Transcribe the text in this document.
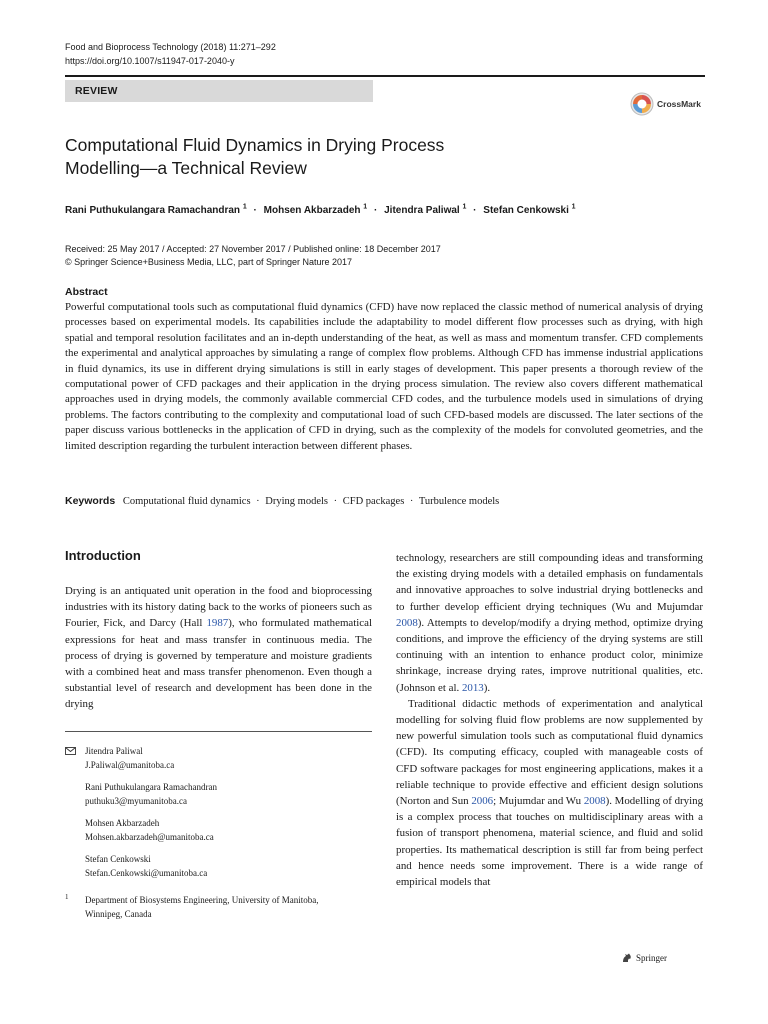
Food and Bioprocess Technology (2018) 11:271–292
https://doi.org/10.1007/s11947-017-2040-y
REVIEW
CrossMark
Computational Fluid Dynamics in Drying Process
Modelling—a Technical Review
Rani Puthukulangara Ramachandran $^1$ · Mohsen Akbarzadeh $^1$ · Jitendra Paliwal $^1$ · Stefan Cenkowski $^1$
Received: 25 May 2017 / Accepted: 27 November 2017 / Published online: 18 December 2017
© Springer Science+Business Media, LLC, part of Springer Nature 2017
Abstract

Powerful computational tools such as computational fluid dynamics (CFD) have now replaced the classic method of numerical analysis of drying processes based on experimental models. Its capabilities include the adaptability to model different flow processes such as drying, with high spatial and temporal resolution facilitates and an in-depth understanding of the heat, as well as mass and momentum transfer. CFD complements the experimental and analytical approaches by simulating a range of complex flow problems. Although CFD has immense industrial applications in fluid dynamics, its use in different drying simulations is still in early stages of development. This paper presents a thorough review of the computational power of CFD packages and their application in the drying process simulation. The review also covers different mathematical approaches used in drying models, the commonly available commercial CFD codes, and the turbulence models used in simulations of drying problems. The factors contributing to the complexity and computational load of such CFD-based models are discussed. The later sections of the paper discuss various bottlenecks in the application of CFD in drying, such as the complexity of the models for convoluted geometries, and the limited description regarding the turbulent interaction between different phases.

Keywords Computational fluid dynamics · Drying models · CFD packages · Turbulence models
Introduction

Drying is an antiquated unit operation in the food and bioprocessing industries with its history dating back to the works of pioneers such as Fourier, Fick, and Darcy (Hall 1987), who formulated mathematical expressions for heat and mass transfer in continuous media. The process of drying is governed by temperature and moisture gradients with a combined heat and mass transfer phenomenon. Even though a substantial level of research and development has been done in the drying

technology, researchers are still compounding ideas and transforming the existing drying models with a detailed emphasis on fundamentals and innovative approaches to solve industrial drying bottlenecks and to further develop efficient drying techniques (Wu and Mujumdar 2008). Attempts to develop/modify a drying method, optimize drying conditions, and improve the efficiency of the drying systems are still continuing with an intention to enhance product color, minimize shrinkage, increase drying rates, improve nutritional qualities, etc. (Johnson et al. 2013).

Traditional didactic methods of experimentation and analytical modelling for solving fluid flow problems are now supplemented by new powerful simulation tools such as computational fluid dynamics (CFD). Its computing efficacy, coupled with manageable costs of CFD software packages for most engineering applications, makes it a reliable technique to provide effective and efficient design solutions (Norton and Sun 2006; Mujumdar and Wu 2008). Modelling of drying is a complex process that touches on multidisciplinary areas with a fusion of transport phenomena, material science, and fluid and solid properties. Its mathematical description is still far from being perfect and hence needs some improvement. There is a wide range of empirical models that

Jitendra Paliwal
J.Paliwal@umanitoba.ca
Rani Puthukulangara Ramachandran
puthuku3@myumanitoba.ca
Mohsen Akbarzadeh
Mohsen.akbarzadeh@umanitoba.ca
Stefan Cenkowski
Stefan.Cenkowski@umanitoba.ca
1 Department of Biosystems Engineering, University of Manitoba,
Winnipeg, Canada
Springer
